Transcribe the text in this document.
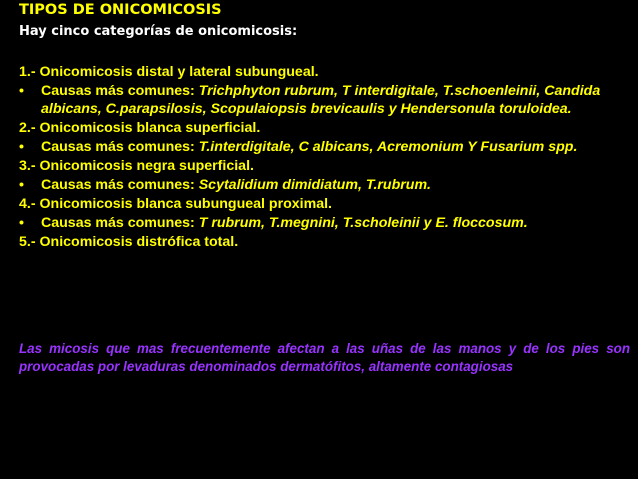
TIPOS DE ONICOMICOSIS
Hay cinco categorías de onicomicosis:
1.- Onicomicosis distal y lateral subungueal.
• Causas más comunes: Trichphyton rubrum, T interdigitale, T.schoenleinii, Candida albicans, C.parapsilosis, Scopulaiopsis brevicaulis y Hendersonula toruloidea.
2.- Onicomicosis blanca superficial.
• Causas más comunes: T.interdigitale, C albicans, Acremonium Y Fusarium spp.
3.- Onicomicosis negra superficial.
• Causas más comunes: Scytalidium dimidiatum, T.rubrum.
4.- Onicomicosis blanca subungueal proximal.
• Causas más comunes: T rubrum, T.megnini, T.scholeinii y E. floccosum.
5.- Onicomicosis distrófica total.
Las micosis que mas frecuentemente afectan a las uñas de las manos y de los pies son provocadas por levaduras denominados dermatófitos, altamente contagiosas
